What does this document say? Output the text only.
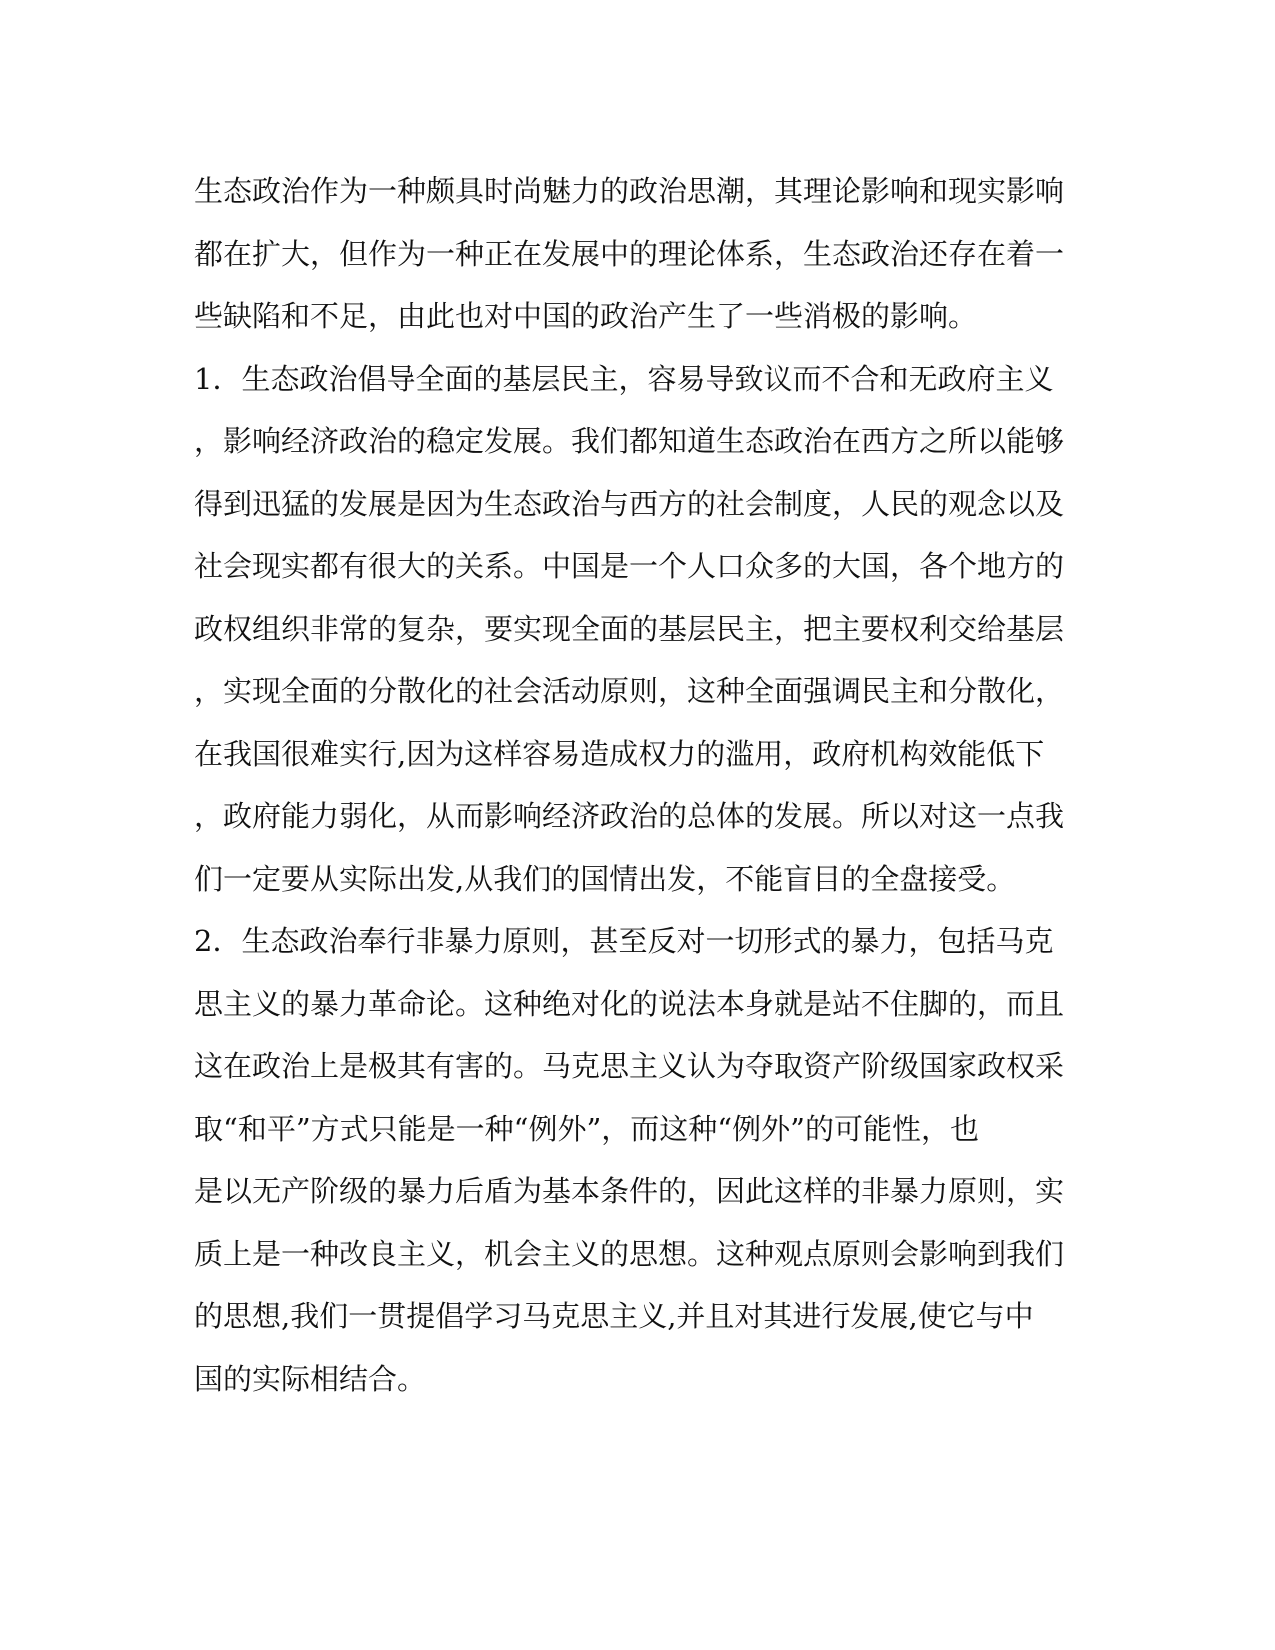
生态政治作为一种颇具时尚魅力的政治思潮，其理论影响和现实影响
都在扩大，但作为一种正在发展中的理论体系，生态政治还存在着一
些缺陷和不足，由此也对中国的政治产生了一些消极的影响。
1．生态政治倡导全面的基层民主，容易导致议而不合和无政府主义
，影响经济政治的稳定发展。我们都知道生态政治在西方之所以能够
得到迅猛的发展是因为生态政治与西方的社会制度，人民的观念以及
社会现实都有很大的关系。中国是一个人口众多的大国，各个地方的
政权组织非常的复杂，要实现全面的基层民主，把主要权利交给基层
，实现全面的分散化的社会活动原则，这种全面强调民主和分散化，
在我国很难实行,因为这样容易造成权力的滥用，政府机构效能低下
，政府能力弱化，从而影响经济政治的总体的发展。所以对这一点我
们一定要从实际出发,从我们的国情出发，不能盲目的全盘接受。
2．生态政治奉行非暴力原则，甚至反对一切形式的暴力，包括马克
思主义的暴力革命论。这种绝对化的说法本身就是站不住脚的，而且
这在政治上是极其有害的。马克思主义认为夺取资产阶级国家政权采
取“和平”方式只能是一种“例外”，而这种“例外”的可能性，也
是以无产阶级的暴力后盾为基本条件的，因此这样的非暴力原则，实
质上是一种改良主义，机会主义的思想。这种观点原则会影响到我们
的思想,我们一贯提倡学习马克思主义,并且对其进行发展,使它与中
国的实际相结合。
